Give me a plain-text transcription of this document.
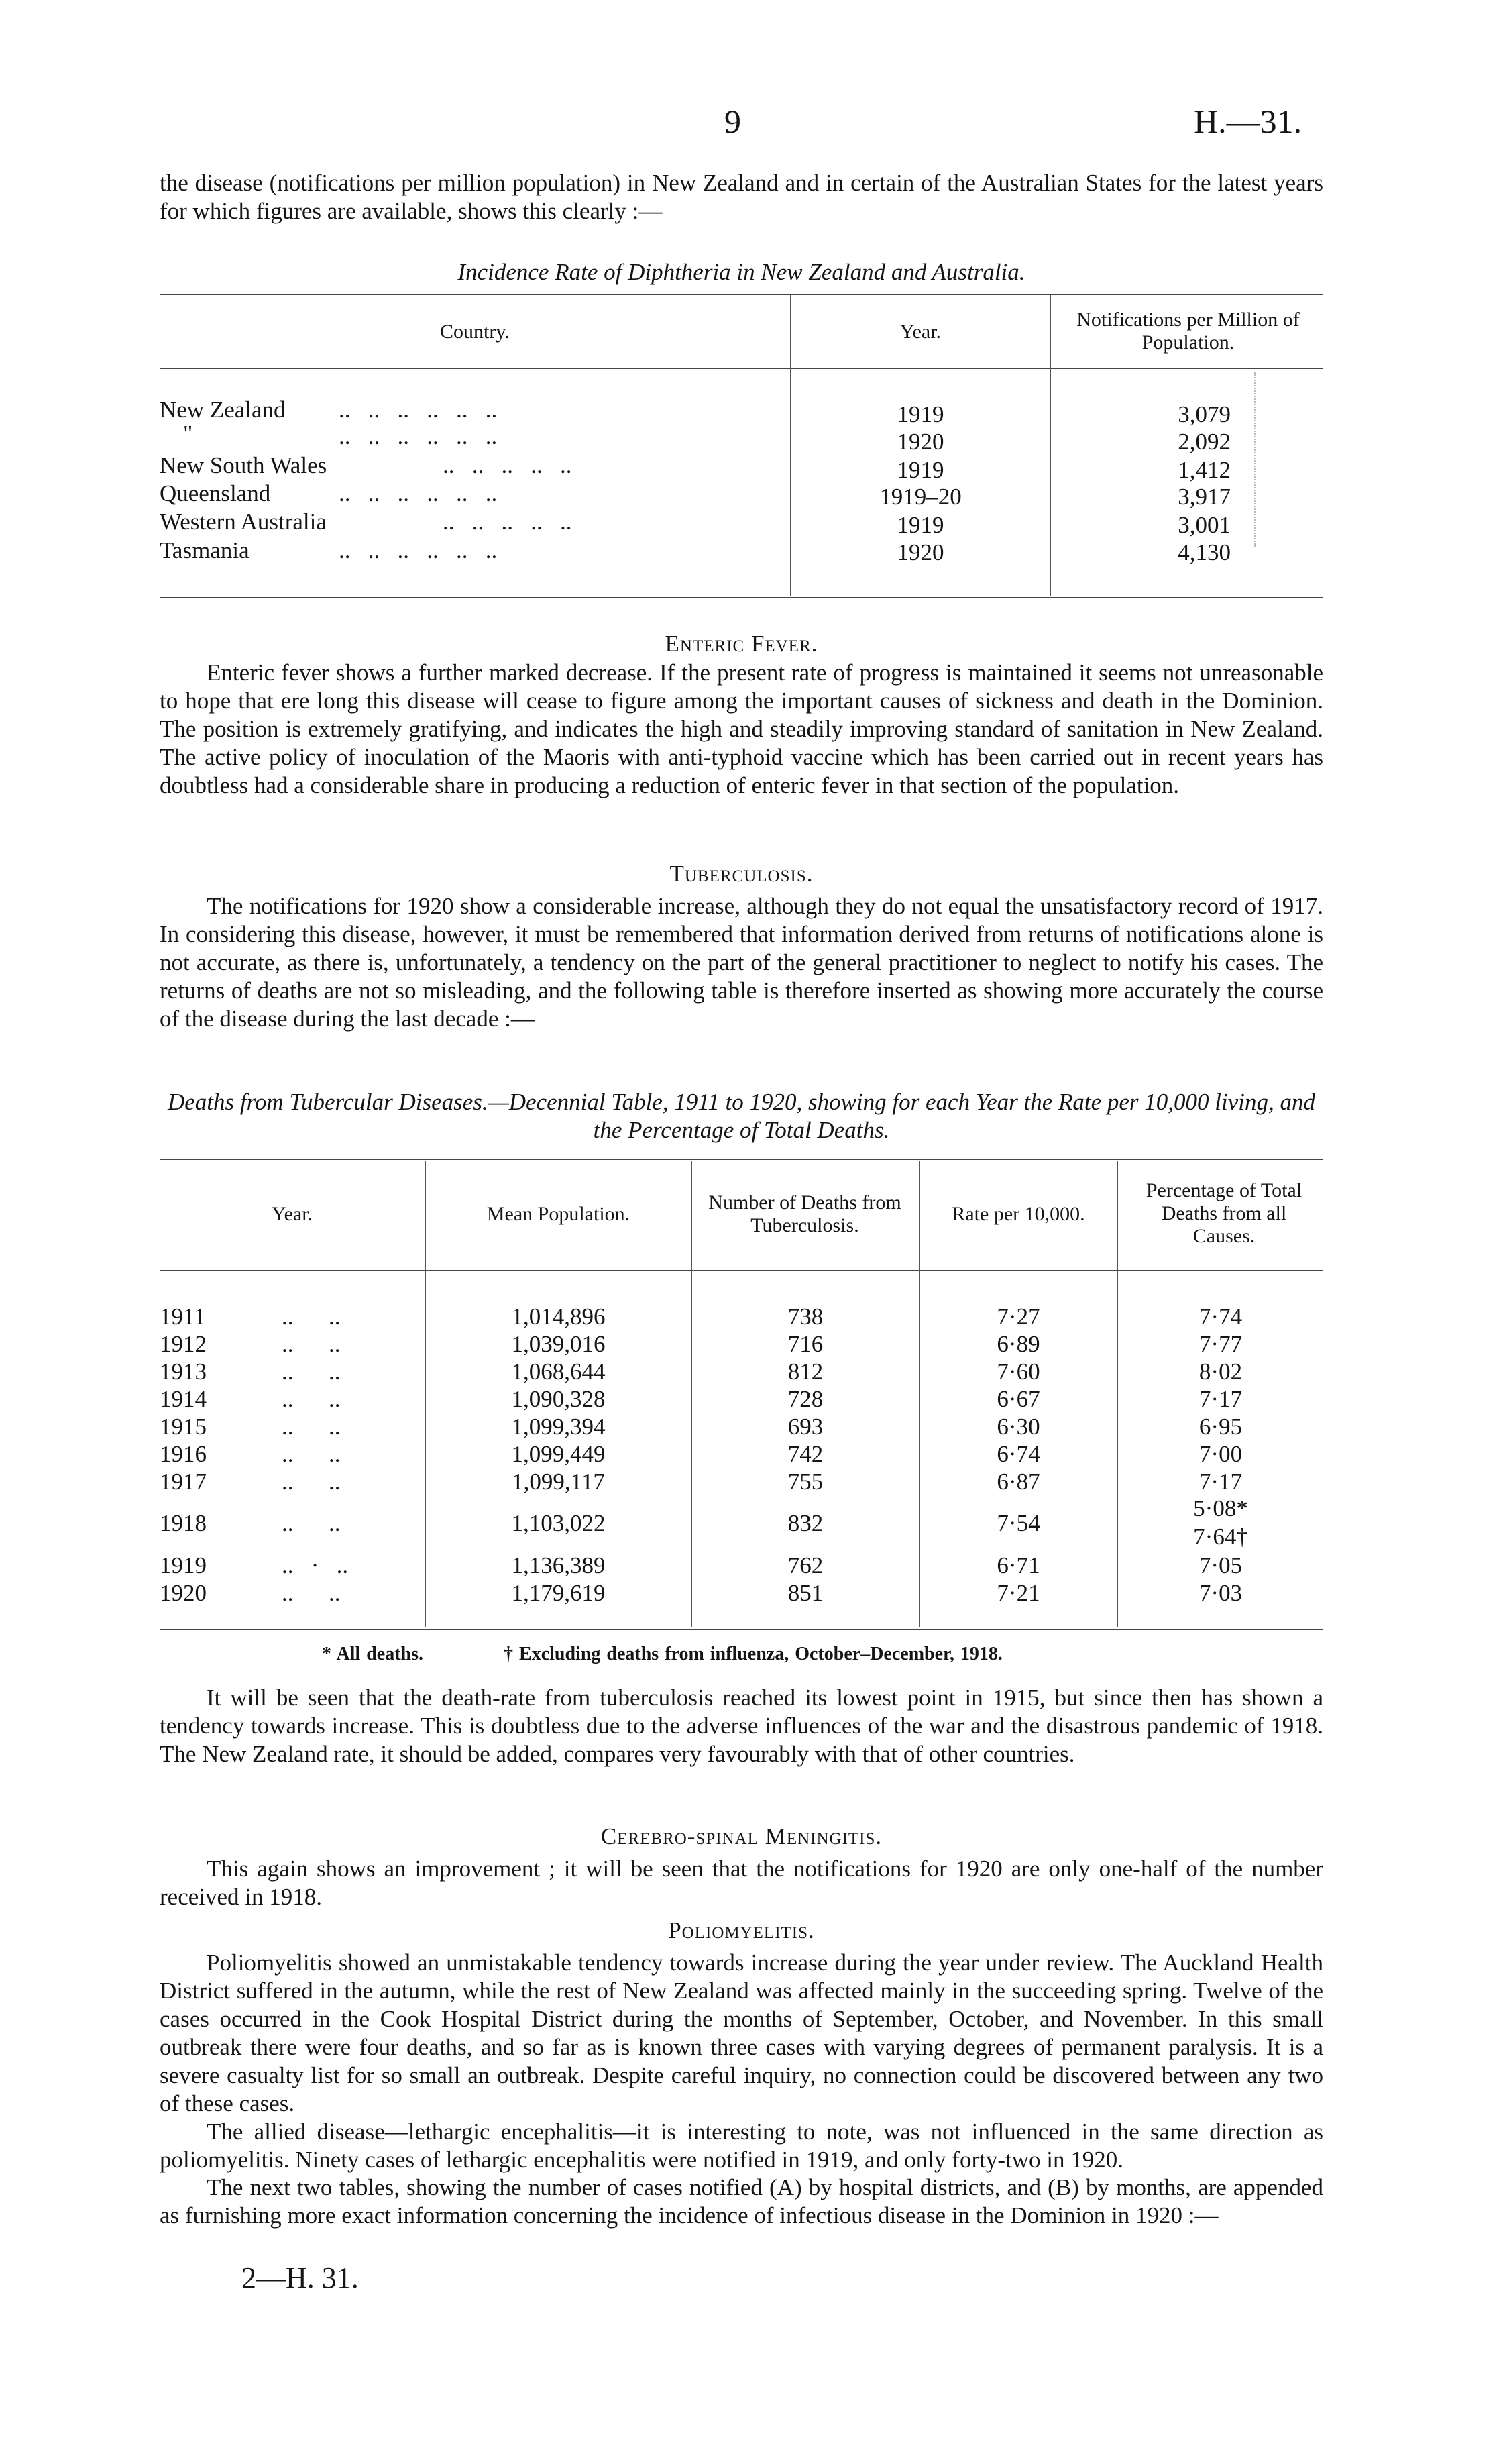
9	H.—31.
the disease (notifications per million population) in New Zealand and in certain of the Australian States for the latest years for which figures are available, shows this clearly :—
Incidence Rate of Diphtheria in New Zealand and Australia.
Country.	Year.
Notifications per Million of Population.
New Zealand ..   ..   ..   ..   ..   ..	1919	3,079
"	..   ..   ..   ..   ..   ..	1920	2,092
New South Wales	..   ..   ..   ..   ..	1919	1,412
Queensland	..   ..   ..   ..   ..   ..	1919–20	3,917
Western Australia	..   ..   ..   ..   ..	1919	3,001
Tasmania	..   ..   ..   ..   ..   ..	1920	4,130
Enteric Fever.
Enteric fever shows a further marked decrease. If the present rate of progress is maintained it seems not unreasonable to hope that ere long this disease will cease to figure among the important causes of sickness and death in the Dominion. The position is extremely gratifying, and indicates the high and steadily improving standard of sanitation in New Zealand. The active policy of inoculation of the Maoris with anti-typhoid vaccine which has been carried out in recent years has doubtless had a considerable share in producing a reduction of enteric fever in that section of the population.
Tuberculosis.
The notifications for 1920 show a considerable increase, although they do not equal the unsatisfactory record of 1917. In considering this disease, however, it must be remembered that information derived from returns of notifications alone is not accurate, as there is, unfortunately, a tendency on the part of the general practitioner to neglect to notify his cases. The returns of deaths are not so misleading, and the following table is therefore inserted as showing more accurately the course of the disease during the last decade :—
Deaths from Tubercular Diseases.—Decennial Table, 1911 to 1920, showing for each Year the Rate per 10,000 living, and the Percentage of Total Deaths.
Year.	Mean Population.
Number of Deaths from Tuberculosis.
Rate per 10,000.
Percentage of Total Deaths from all Causes.
1911	..      ..	1,014,896	738	7·27	7·74
1912	..      ..	1,039,016	716	6·89	7·77
1913	..      ..	1,068,644	812	7·60	8·02
1914	..      ..	1,090,328	728	6·67	7·17
1915	..      ..	1,099,394	693	6·30	6·95
1916	..      ..	1,099,449	742	6·74	7·00
1917	..      ..	1,099,117	755	6·87	7·17
1918	..      ..	1,103,022	832	7·54
5·08*
7·64†
1919	..   ·   ..	1,136,389	762	6·71	7·05
1920	..      ..	1,179,619	851	7·21	7·03
* All deaths.	† Excluding deaths from influenza, October–December, 1918.
It will be seen that the death-rate from tuberculosis reached its lowest point in 1915, but since then has shown a tendency towards increase. This is doubtless due to the adverse influences of the war and the disastrous pandemic of 1918. The New Zealand rate, it should be added, compares very favourably with that of other countries.
Cerebro-spinal Meningitis.
This again shows an improvement ; it will be seen that the notifications for 1920 are only one-half of the number received in 1918.
Poliomyelitis.
Poliomyelitis showed an unmistakable tendency towards increase during the year under review. The Auckland Health District suffered in the autumn, while the rest of New Zealand was affected mainly in the succeeding spring. Twelve of the cases occurred in the Cook Hospital District during the months of September, October, and November. In this small outbreak there were four deaths, and so far as is known three cases with varying degrees of permanent paralysis. It is a severe casualty list for so small an outbreak. Despite careful inquiry, no connection could be discovered between any two of these cases.
The allied disease—lethargic encephalitis—it is interesting to note, was not influenced in the same direction as poliomyelitis. Ninety cases of lethargic encephalitis were notified in 1919, and only forty-two in 1920.
The next two tables, showing the number of cases notified (A) by hospital districts, and (B) by months, are appended as furnishing more exact information concerning the incidence of infectious disease in the Dominion in 1920 :—
2—H. 31.
